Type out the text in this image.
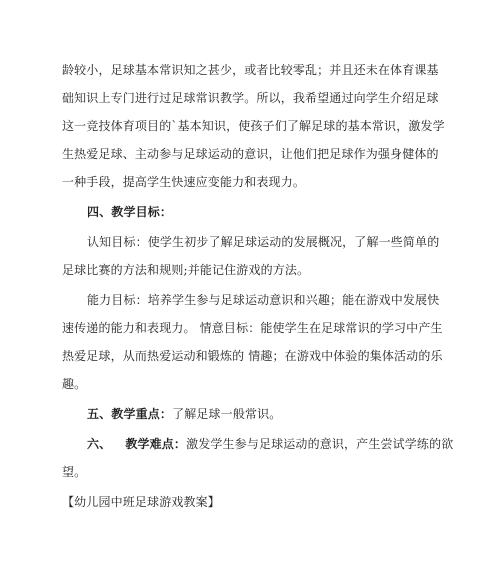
龄较小，足球基本常识知之甚少，或者比较零乱；并且还未在体育课基
础知识上专门进行过足球常识教学。所以，我希望通过向学生介绍足球
这一竞技体育项目的`基本知识，使孩子们了解足球的基本常识，激发学
生热爱足球、主动参与足球运动的意识，让他们把足球作为强身健体的
一种手段，提高学生快速应变能力和表现力。
四、教学目标：
认知目标：使学生初步了解足球运动的发展概况，了解一些简单的
足球比赛的方法和规则;并能记住游戏的方法。
能力目标：培养学生参与足球运动意识和兴趣；能在游戏中发展快
速传递的能力和表现力。 情意目标：能使学生在足球常识的学习中产生
热爱足球，从而热爱运动和锻炼的 情趣；在游戏中体验的集体活动的乐
趣。
五、教学重点：了解足球一般常识。
六、 教学难点：激发学生参与足球运动的意识，产生尝试学练的欲
望。
【幼儿园中班足球游戏教案】
